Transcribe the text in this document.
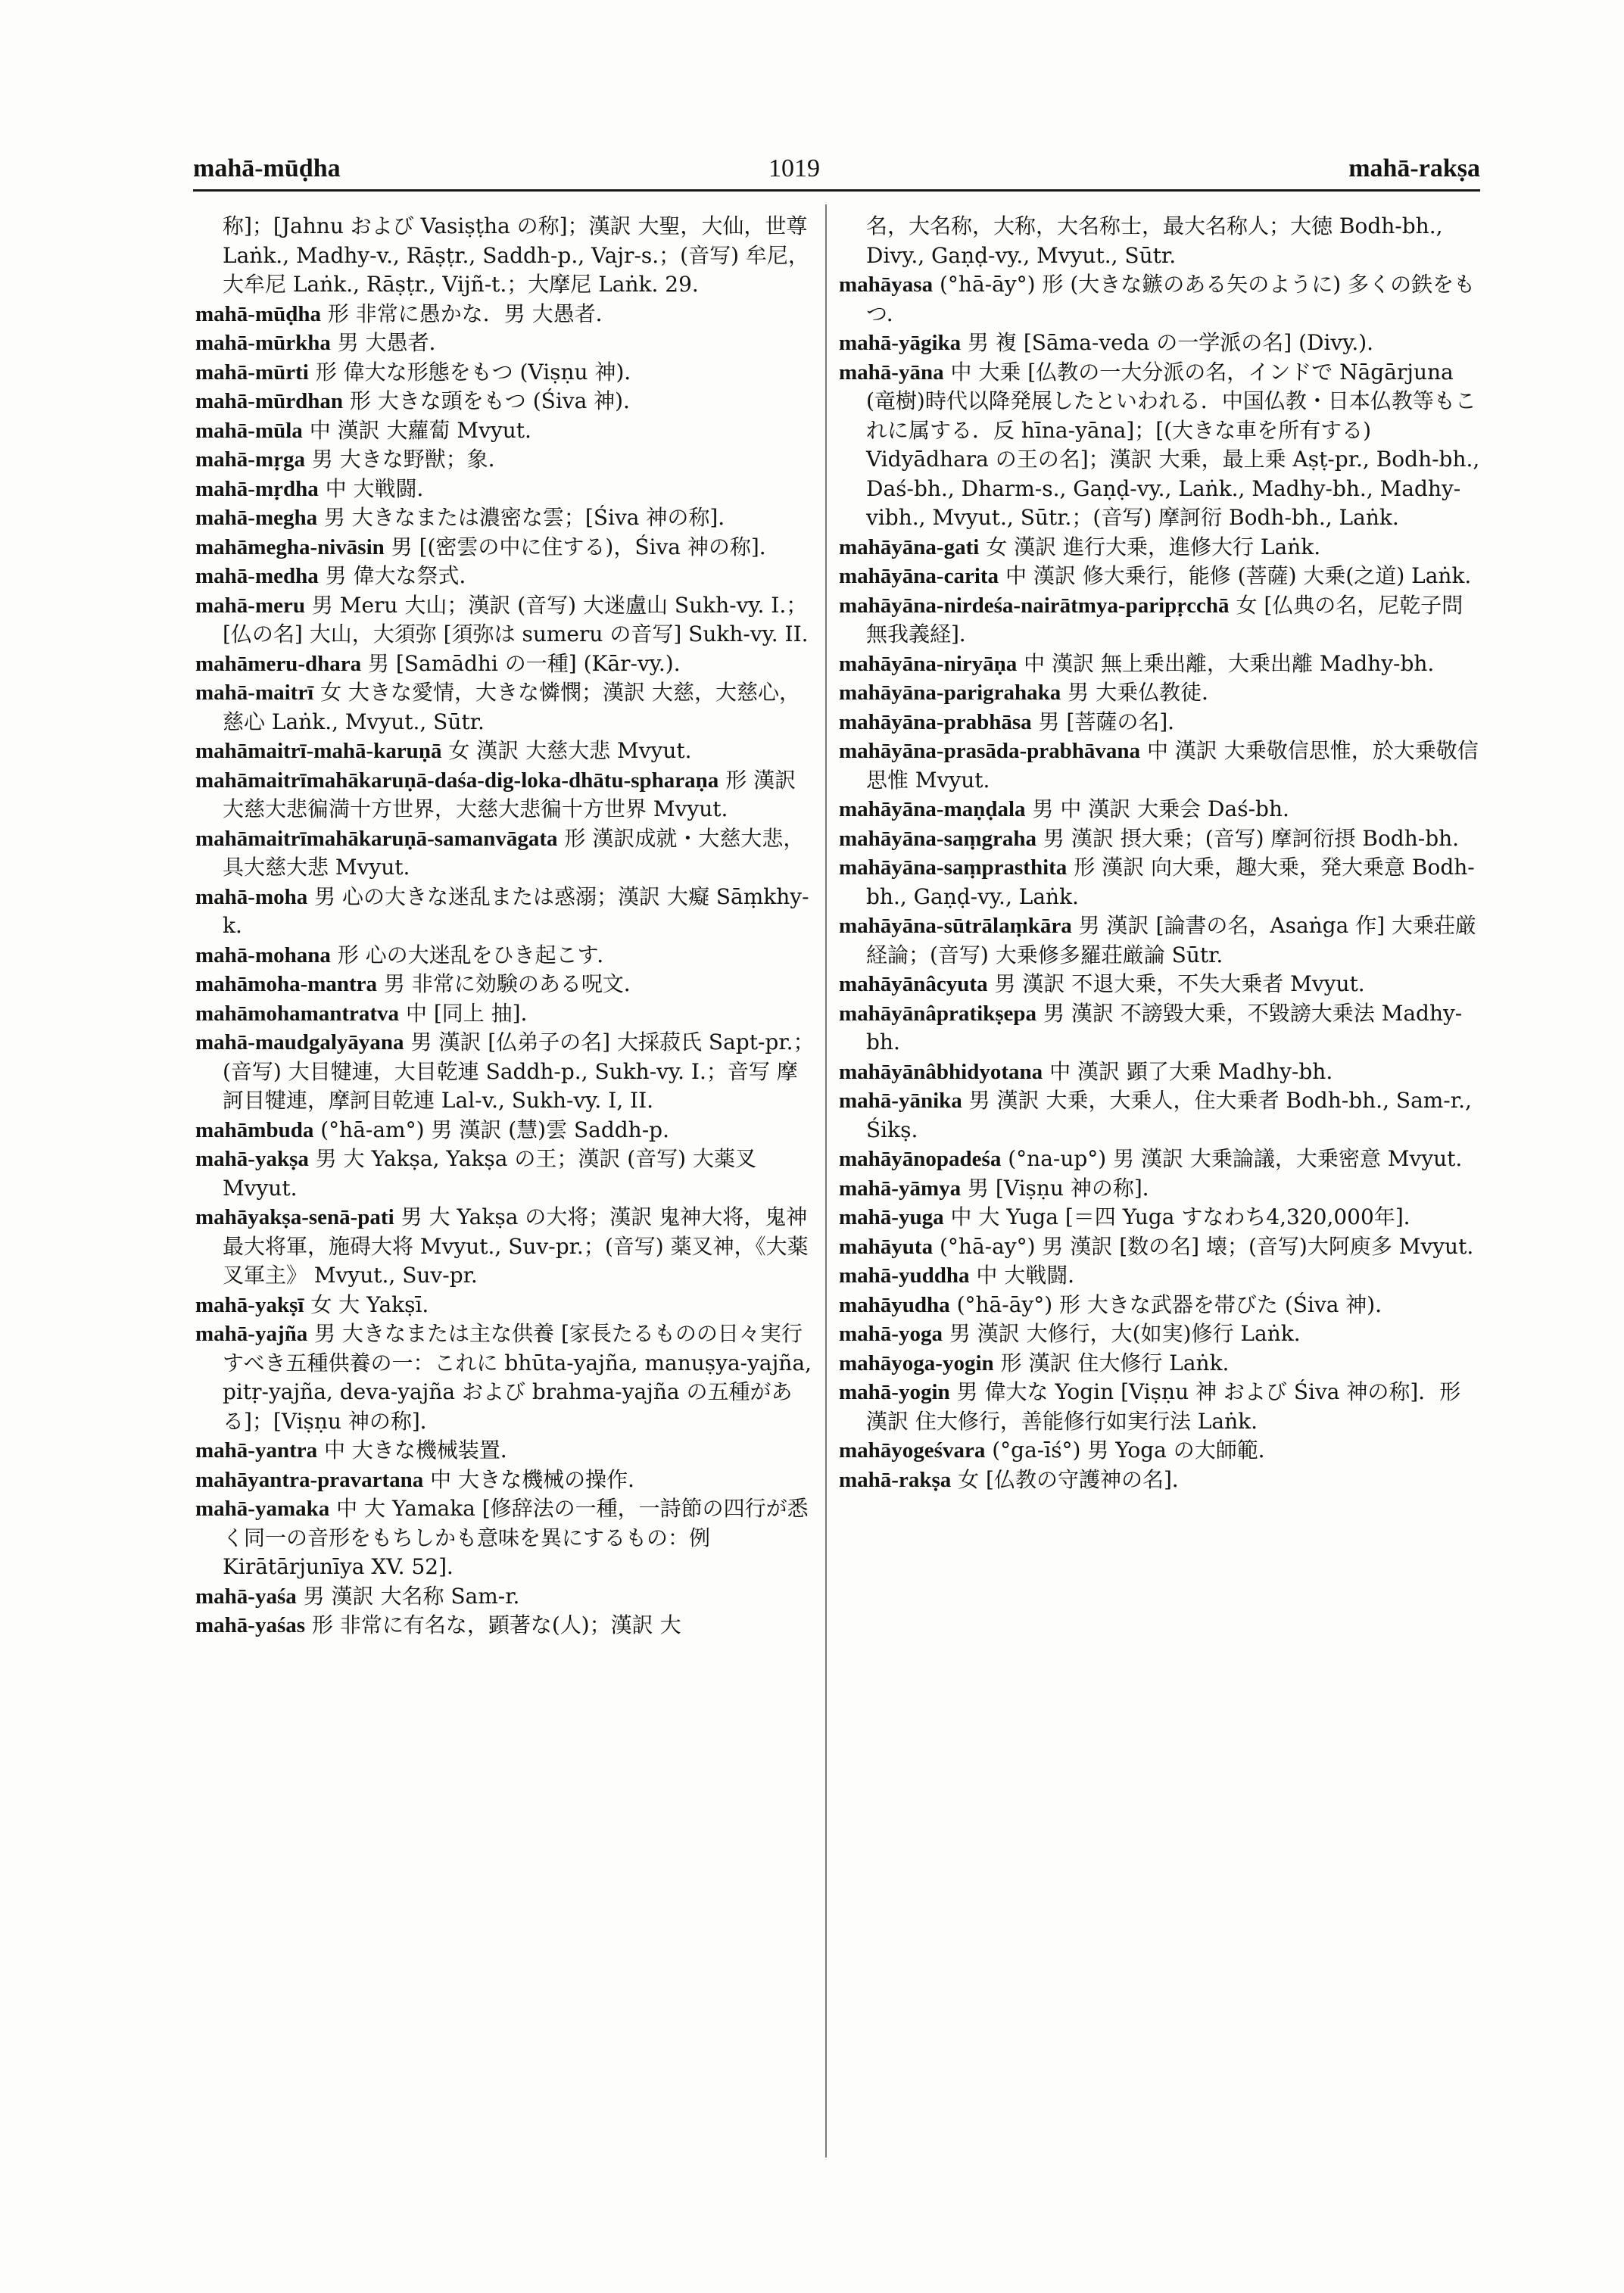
mahā-mūḍha	1019	mahā-rakṣa

称]；[Jahnu および Vasiṣṭha の称]；漢訳 大聖，大仙，世尊 Laṅk., Madhy-v., Rāṣṭr., Saddh-p., Vajr-s.；(音写) 牟尼，大牟尼 Laṅk., Rāṣṭr., Vijñ-t.；大摩尼 Laṅk. 29.

mahā-mūḍha 形 非常に愚かな．男 大愚者．

mahā-mūrkha 男 大愚者．

mahā-mūrti 形 偉大な形態をもつ (Viṣṇu 神)．

mahā-mūrdhan 形 大きな頭をもつ (Śiva 神)．

mahā-mūla 中 漢訳 大蘿蔔 Mvyut.

mahā-mṛga 男 大きな野獣；象．

mahā-mṛdha 中 大戦闘．

mahā-megha 男 大きなまたは濃密な雲；[Śiva 神の称]．

mahāmegha-nivāsin 男 [(密雲の中に住する)，Śiva 神の称]．

mahā-medha 男 偉大な祭式．

mahā-meru 男 Meru 大山；漢訳 (音写) 大迷盧山 Sukh-vy. I.；[仏の名] 大山，大須弥 [須弥は sumeru の音写] Sukh-vy. II.

mahāmeru-dhara 男 [Samādhi の一種] (Kār-vy.).

mahā-maitrī 女 大きな愛情，大きな憐憫；漢訳 大慈，大慈心，慈心 Laṅk., Mvyut., Sūtr.

mahāmaitrī-mahā-karuṇā 女 漢訳 大慈大悲 Mvyut.

mahāmaitrīmahākaruṇā-daśa-dig-loka-dhātu-spharaṇa 形 漢訳 大慈大悲徧満十方世界，大慈大悲徧十方世界 Mvyut.

mahāmaitrīmahākaruṇā-samanvāgata 形 漢訳成就・大慈大悲，具大慈大悲 Mvyut.

mahā-moha 男 心の大きな迷乱または惑溺；漢訳 大癡 Sāṃkhy-k.

mahā-mohana 形 心の大迷乱をひき起こす．

mahāmoha-mantra 男 非常に効験のある呪文．

mahāmohamantratva 中 [同上 抽]．

mahā-maudgalyāyana 男 漢訳 [仏弟子の名] 大採菽氏 Sapt-pr.；(音写) 大目犍連，大目乾連 Saddh-p., Sukh-vy. I.；音写 摩訶目犍連，摩訶目乾連 Lal-v., Sukh-vy. I, II.

mahāmbuda (°hā-am°) 男 漢訳 (慧)雲 Saddh-p.

mahā-yakṣa 男 大 Yakṣa, Yakṣa の王；漢訳 (音写) 大薬叉 Mvyut.

mahāyakṣa-senā-pati 男 大 Yakṣa の大将；漢訳 鬼神大将，鬼神最大将軍，施碍大将 Mvyut., Suv-pr.；(音写) 薬叉神，《大薬叉軍主》 Mvyut., Suv-pr.

mahā-yakṣī 女 大 Yakṣī.

mahā-yajña 男 大きなまたは主な供養 [家長たるものの日々実行すべき五種供養の一：これに bhūta-yajña, manuṣya-yajña, pitṛ-yajña, deva-yajña および brahma-yajña の五種がある]；[Viṣṇu 神の称]．

mahā-yantra 中 大きな機械装置．

mahāyantra-pravartana 中 大きな機械の操作．

mahā-yamaka 中 大 Yamaka [修辞法の一種，一詩節の四行が悉く同一の音形をもちしかも意味を異にするもの：例 Kirātārjunīya XV. 52]．

mahā-yaśa 男 漢訳 大名称 Sam-r.

mahā-yaśas 形 非常に有名な，顕著な(人)；漢訳 大

名，大名称，大称，大名称士，最大名称人；大徳 Bodh-bh., Divy., Gaṇḍ-vy., Mvyut., Sūtr.

mahāyasa (°hā-āy°) 形 (大きな鏃のある矢のように) 多くの鉄をもつ．

mahā-yāgika 男 複 [Sāma-veda の一学派の名] (Divy.).

mahā-yāna 中 大乗 [仏教の一大分派の名，インドで Nāgārjuna (竜樹)時代以降発展したといわれる．中国仏教・日本仏教等もこれに属する．反 hīna-yāna]；[(大きな車を所有する) Vidyādhara の王の名]；漢訳 大乗，最上乗 Aṣṭ-pr., Bodh-bh., Daś-bh., Dharm-s., Gaṇḍ-vy., Laṅk., Madhy-bh., Madhy-vibh., Mvyut., Sūtr.；(音写) 摩訶衍 Bodh-bh., Laṅk.

mahāyāna-gati 女 漢訳 進行大乗，進修大行 Laṅk.

mahāyāna-carita 中 漢訳 修大乗行，能修 (菩薩) 大乗(之道) Laṅk.

mahāyāna-nirdeśa-nairātmya-paripṛcchā 女 [仏典の名，尼乾子問無我義経]．

mahāyāna-niryāṇa 中 漢訳 無上乗出離，大乗出離 Madhy-bh.

mahāyāna-parigrahaka 男 大乗仏教徒．

mahāyāna-prabhāsa 男 [菩薩の名]．

mahāyāna-prasāda-prabhāvana 中 漢訳 大乗敬信思惟，於大乗敬信思惟 Mvyut.

mahāyāna-maṇḍala 男 中 漢訳 大乗会 Daś-bh.

mahāyāna-saṃgraha 男 漢訳 摂大乗；(音写) 摩訶衍摂 Bodh-bh.

mahāyāna-saṃprasthita 形 漢訳 向大乗，趣大乗，発大乗意 Bodh-bh., Gaṇḍ-vy., Laṅk.

mahāyāna-sūtrālaṃkāra 男 漢訳 [論書の名，Asaṅga 作] 大乗荘厳経論；(音写) 大乗修多羅荘厳論 Sūtr.

mahāyānâcyuta 男 漢訳 不退大乗，不失大乗者 Mvyut.

mahāyānâpratikṣepa 男 漢訳 不謗毀大乗，不毀謗大乗法 Madhy-bh.

mahāyānâbhidyotana 中 漢訳 顕了大乗 Madhy-bh.

mahā-yānika 男 漢訳 大乗，大乗人，住大乗者 Bodh-bh., Sam-r., Śikṣ.

mahāyānopadeśa (°na-up°) 男 漢訳 大乗論議，大乗密意 Mvyut.

mahā-yāmya 男 [Viṣṇu 神の称]．

mahā-yuga 中 大 Yuga [＝四 Yuga すなわち4,320,000年]．

mahāyuta (°hā-ay°) 男 漢訳 [数の名] 壊；(音写)大阿庾多 Mvyut.

mahā-yuddha 中 大戦闘．

mahāyudha (°hā-āy°) 形 大きな武器を帯びた (Śiva 神)．

mahā-yoga 男 漢訳 大修行，大(如実)修行 Laṅk.

mahāyoga-yogin 形 漢訳 住大修行 Laṅk.

mahā-yogin 男 偉大な Yogin [Viṣṇu 神 および Śiva 神の称]．形 漢訳 住大修行，善能修行如実行法 Laṅk.

mahāyogeśvara (°ga-īś°) 男 Yoga の大師範．

mahā-rakṣa 女 [仏教の守護神の名]．
